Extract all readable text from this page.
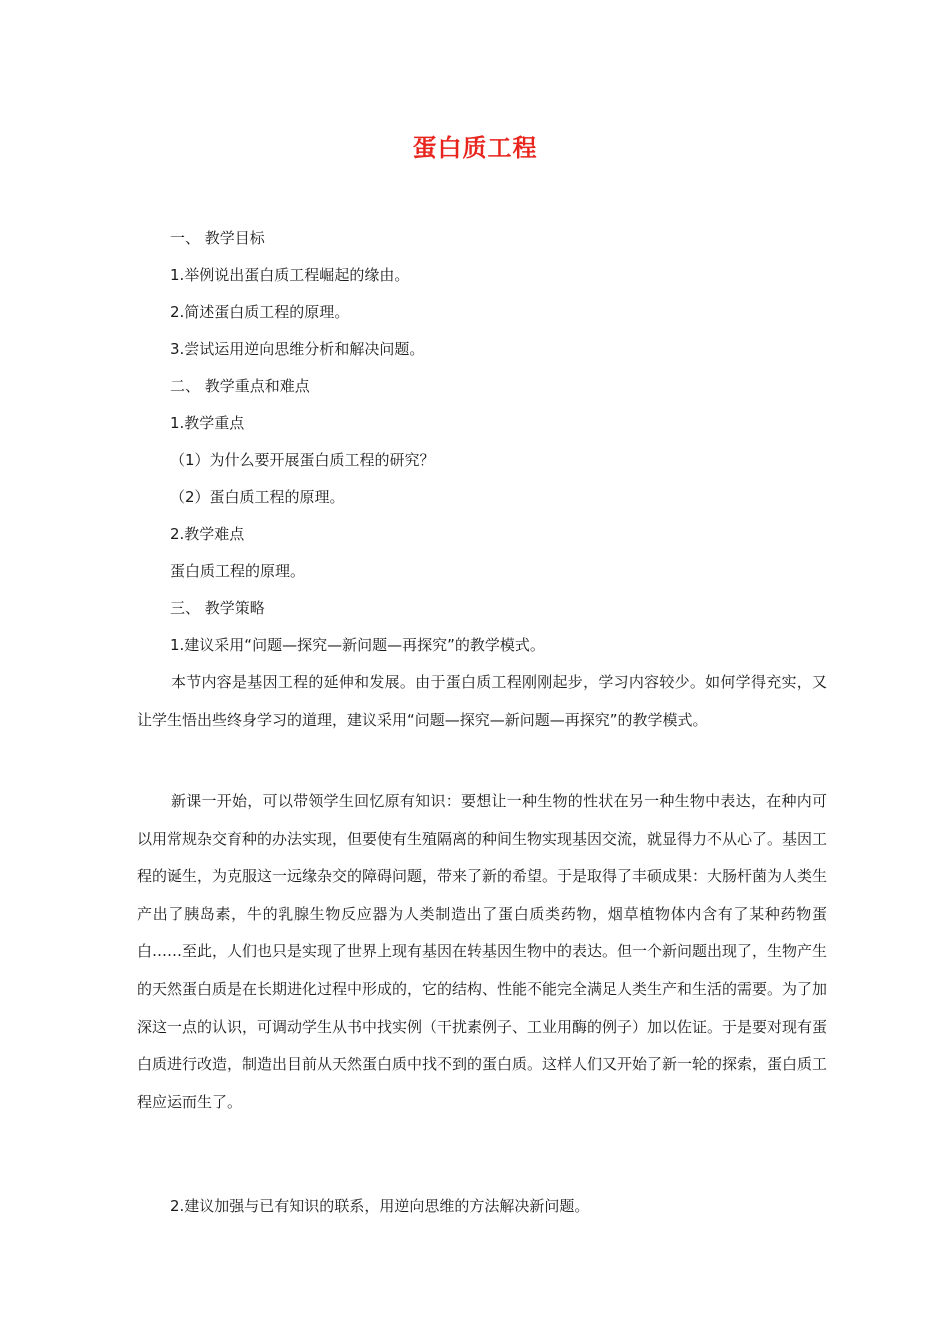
蛋白质工程
一、 教学目标
1.举例说出蛋白质工程崛起的缘由。
2.简述蛋白质工程的原理。
3.尝试运用逆向思维分析和解决问题。
二、 教学重点和难点
1.教学重点
（1）为什么要开展蛋白质工程的研究？
（2）蛋白质工程的原理。
2.教学难点
蛋白质工程的原理。
三、 教学策略
1.建议采用“问题—探究—新问题—再探究”的教学模式。

本节内容是基因工程的延伸和发展。由于蛋白质工程刚刚起步，学习内容较少。如何学得充实，又让学生悟出些终身学习的道理，建议采用“问题—探究—新问题—再探究”的教学模式。

新课一开始，可以带领学生回忆原有知识：要想让一种生物的性状在另一种生物中表达，在种内可以用常规杂交育种的办法实现，但要使有生殖隔离的种间生物实现基因交流，就显得力不从心了。基因工程的诞生，为克服这一远缘杂交的障碍问题，带来了新的希望。于是取得了丰硕成果：大肠杆菌为人类生产出了胰岛素，牛的乳腺生物反应器为人类制造出了蛋白质类药物，烟草植物体内含有了某种药物蛋白……至此，人们也只是实现了世界上现有基因在转基因生物中的表达。但一个新问题出现了，生物产生的天然蛋白质是在长期进化过程中形成的，它的结构、性能不能完全满足人类生产和生活的需要。为了加深这一点的认识，可调动学生从书中找实例（干扰素例子、工业用酶的例子）加以佐证。于是要对现有蛋白质进行改造，制造出目前从天然蛋白质中找不到的蛋白质。这样人们又开始了新一轮的探索，蛋白质工程应运而生了。

2.建议加强与已有知识的联系，用逆向思维的方法解决新问题。
